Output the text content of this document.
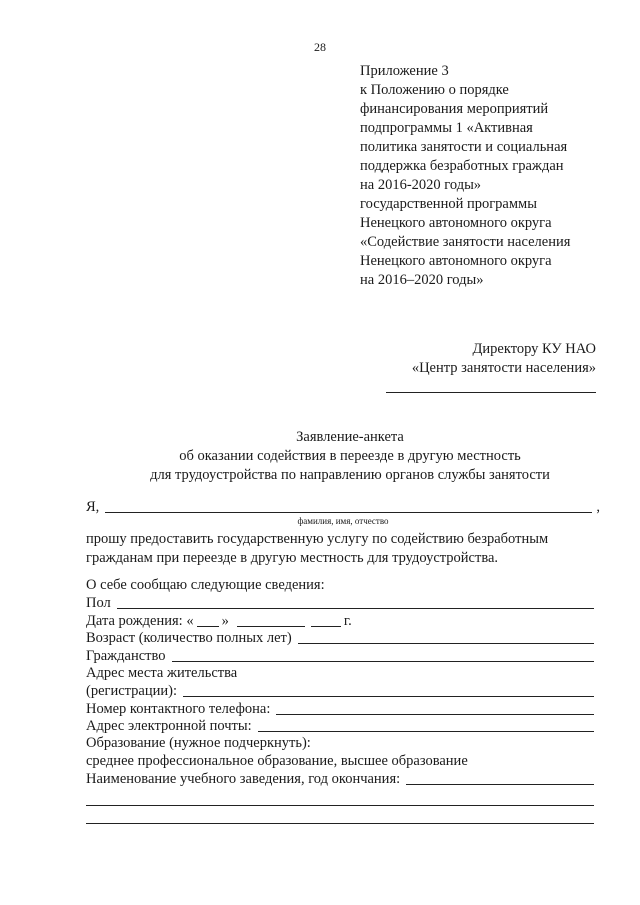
28
Приложение 3
к Положению о порядке
финансирования мероприятий
подпрограммы 1 «Активная
политика занятости и социальная
поддержка безработных граждан
на 2016-2020 годы»
государственной программы
Ненецкого автономного округа
«Содействие занятости населения
Ненецкого автономного округа
на 2016–2020 годы»
Директору КУ НАО
«Центр занятости населения»
Заявление-анкета
об оказании содействия в переезде в другую местность
для трудоустройства по направлению органов службы занятости
Я,	,
фамилия, имя, отчество
прошу предоставить государственную услугу по содействию безработным
гражданам при переезде в другую местность для трудоустройства.
О себе сообщаю следующие сведения:
Пол
Дата рождения: « »	г.
Возраст (количество полных лет)
Гражданство
Адрес места жительства
(регистрации):
Номер контактного телефона:
Адрес электронной почты:
Образование (нужное подчеркнуть):
среднее профессиональное образование, высшее образование
Наименование учебного заведения, год окончания:
